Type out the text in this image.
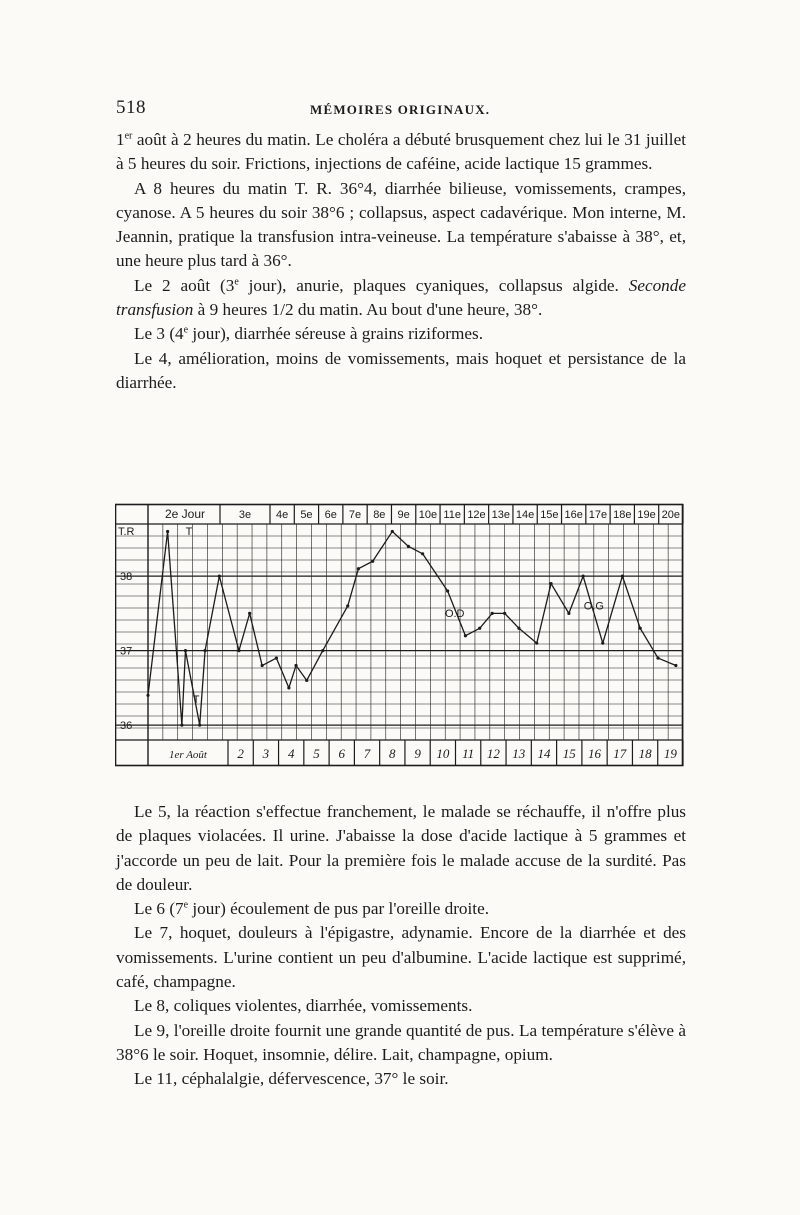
518	MÉMOIRES ORIGINAUX.

1er août à 2 heures du matin. Le choléra a débuté brusquement chez lui le 31 juillet à 5 heures du soir. Frictions, injections de caféine, acide lactique 15 grammes.

A 8 heures du matin T. R. 36°4, diarrhée bilieuse, vomissements, crampes, cyanose. A 5 heures du soir 38°6 ; collapsus, aspect cadavérique. Mon interne, M. Jeannin, pratique la transfusion intra-veineuse. La température s'abaisse à 38°, et, une heure plus tard à 36°.

Le 2 août (3e jour), anurie, plaques cyaniques, collapsus algide. Seconde transfusion à 9 heures 1/2 du matin. Au bout d'une heure, 38°.

Le 3 (4e jour), diarrhée séreuse à grains riziformes.

Le 4, amélioration, moins de vomissements, mais hoquet et persistance de la diarrhée.

2e Jour	3e 4e 5e 6e 7e 8e 9e 10e 11e 12e 13e 14e 15e 16e 17e 18e 19e 20e
1er Août 2 3 4 5 6 7 8 9 10 11 12 13 14 15 16 17 18 19
T.R
38
37
36
T
T
O.D
O.G

Le 5, la réaction s'effectue franchement, le malade se réchauffe, il n'offre plus de plaques violacées. Il urine. J'abaisse la dose d'acide lactique à 5 grammes et j'accorde un peu de lait. Pour la première fois le malade accuse de la surdité. Pas de douleur.

Le 6 (7e jour) écoulement de pus par l'oreille droite.

Le 7, hoquet, douleurs à l'épigastre, adynamie. Encore de la diarrhée et des vomissements. L'urine contient un peu d'albumine. L'acide lactique est supprimé, café, champagne.

Le 8, coliques violentes, diarrhée, vomissements.

Le 9, l'oreille droite fournit une grande quantité de pus. La température s'élève à 38°6 le soir. Hoquet, insomnie, délire. Lait, champagne, opium.

Le 11, céphalalgie, défervescence, 37° le soir.
